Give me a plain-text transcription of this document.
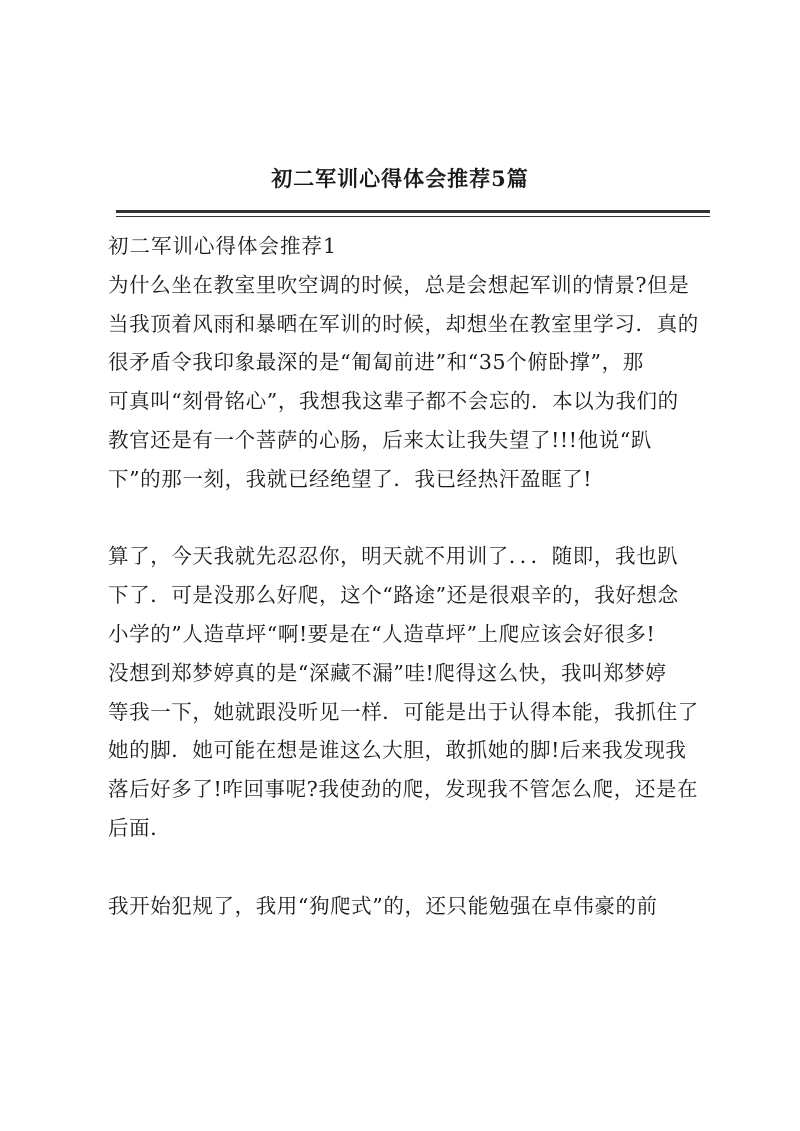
初二军训心得体会推荐5篇
初二军训心得体会推荐1
为什么坐在教室里吹空调的时候，总是会想起军训的情景?但是
当我顶着风雨和暴晒在军训的时候，却想坐在教室里学习．真的
很矛盾令我印象最深的是“匍匐前进”和“35个俯卧撑”，那
可真叫“刻骨铭心”，我想我这辈子都不会忘的．本以为我们的
教官还是有一个菩萨的心肠，后来太让我失望了!!!他说“趴
下”的那一刻，我就已经绝望了．我已经热汗盈眶了!
算了，今天我就先忍忍你，明天就不用训了．．．随即，我也趴
下了．可是没那么好爬，这个“路途”还是很艰辛的，我好想念
小学的”人造草坪“啊!要是在“人造草坪”上爬应该会好很多!
没想到郑梦婷真的是“深藏不漏”哇!爬得这么快，我叫郑梦婷
等我一下，她就跟没听见一样．可能是出于认得本能，我抓住了
她的脚．她可能在想是谁这么大胆，敢抓她的脚!后来我发现我
落后好多了!咋回事呢?我使劲的爬，发现我不管怎么爬，还是在
后面．
我开始犯规了，我用“狗爬式”的，还只能勉强在卓伟豪的前
